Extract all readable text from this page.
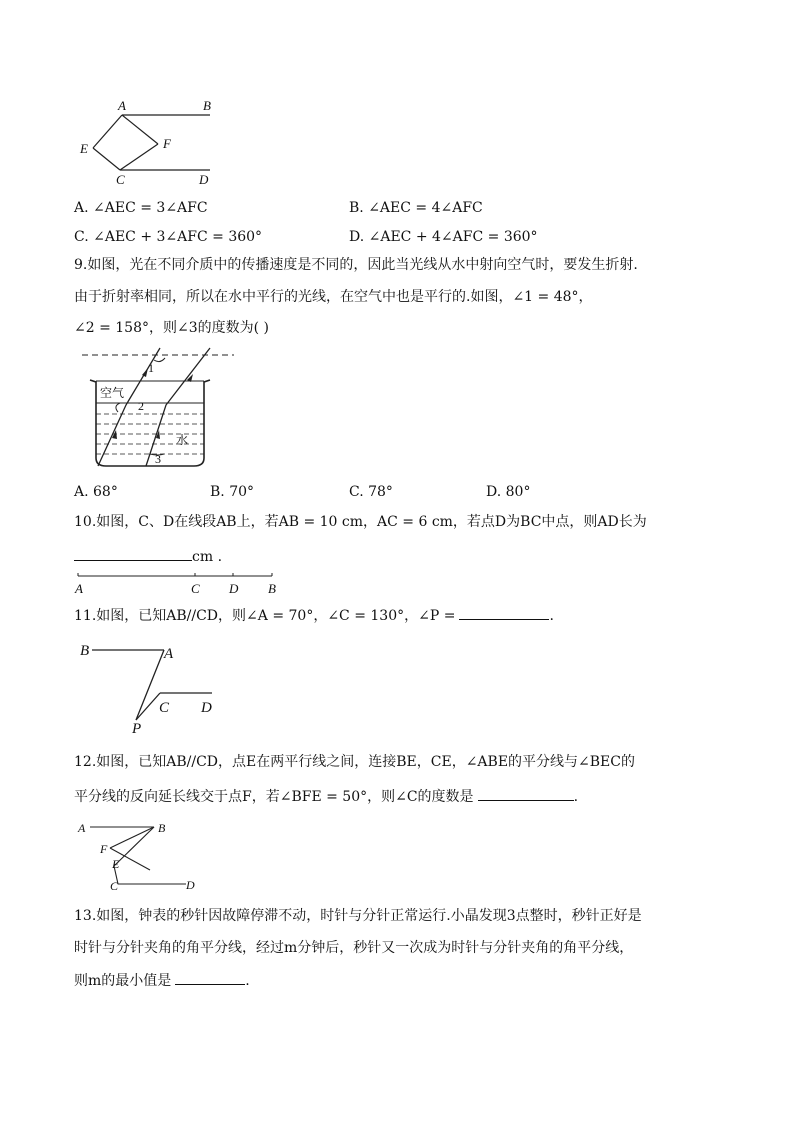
A	B
E	F
C	D
A. ∠AEC = 3∠AFC	B. ∠AEC = 4∠AFC
C. ∠AEC + 3∠AFC = 360°	D. ∠AEC + 4∠AFC = 360°
9.如图，光在不同介质中的传播速度是不同的，因此当光线从水中射向空气时，要发生折射.
由于折射率相同，所以在水中平行的光线，在空气中也是平行的.如图，∠1 = 48°，
∠2 = 158°，则∠3的度数为( )
空气
水
1
2
3
A. 68°	B. 70°	C. 78°	D. 80°
10.如图，C、D在线段AB上，若AB = 10 cm，AC = 6 cm，若点D为BC中点，则AD长为
cm .
A	C D B
11.如图，已知AB//CD，则∠A = 70°，∠C = 130°，∠P =	.
B	A
C D
P
12.如图，已知AB//CD，点E在两平行线之间，连接BE，CE，∠ABE的平分线与∠BEC的
平分线的反向延长线交于点F，若∠BFE = 50°，则∠C的度数是	.
A	B
F
E
C	D
13.如图，钟表的秒针因故障停滞不动，时针与分针正常运行.小晶发现3点整时，秒针正好是
时针与分针夹角的角平分线，经过m分钟后，秒针又一次成为时针与分针夹角的角平分线，
则m的最小值是	.
